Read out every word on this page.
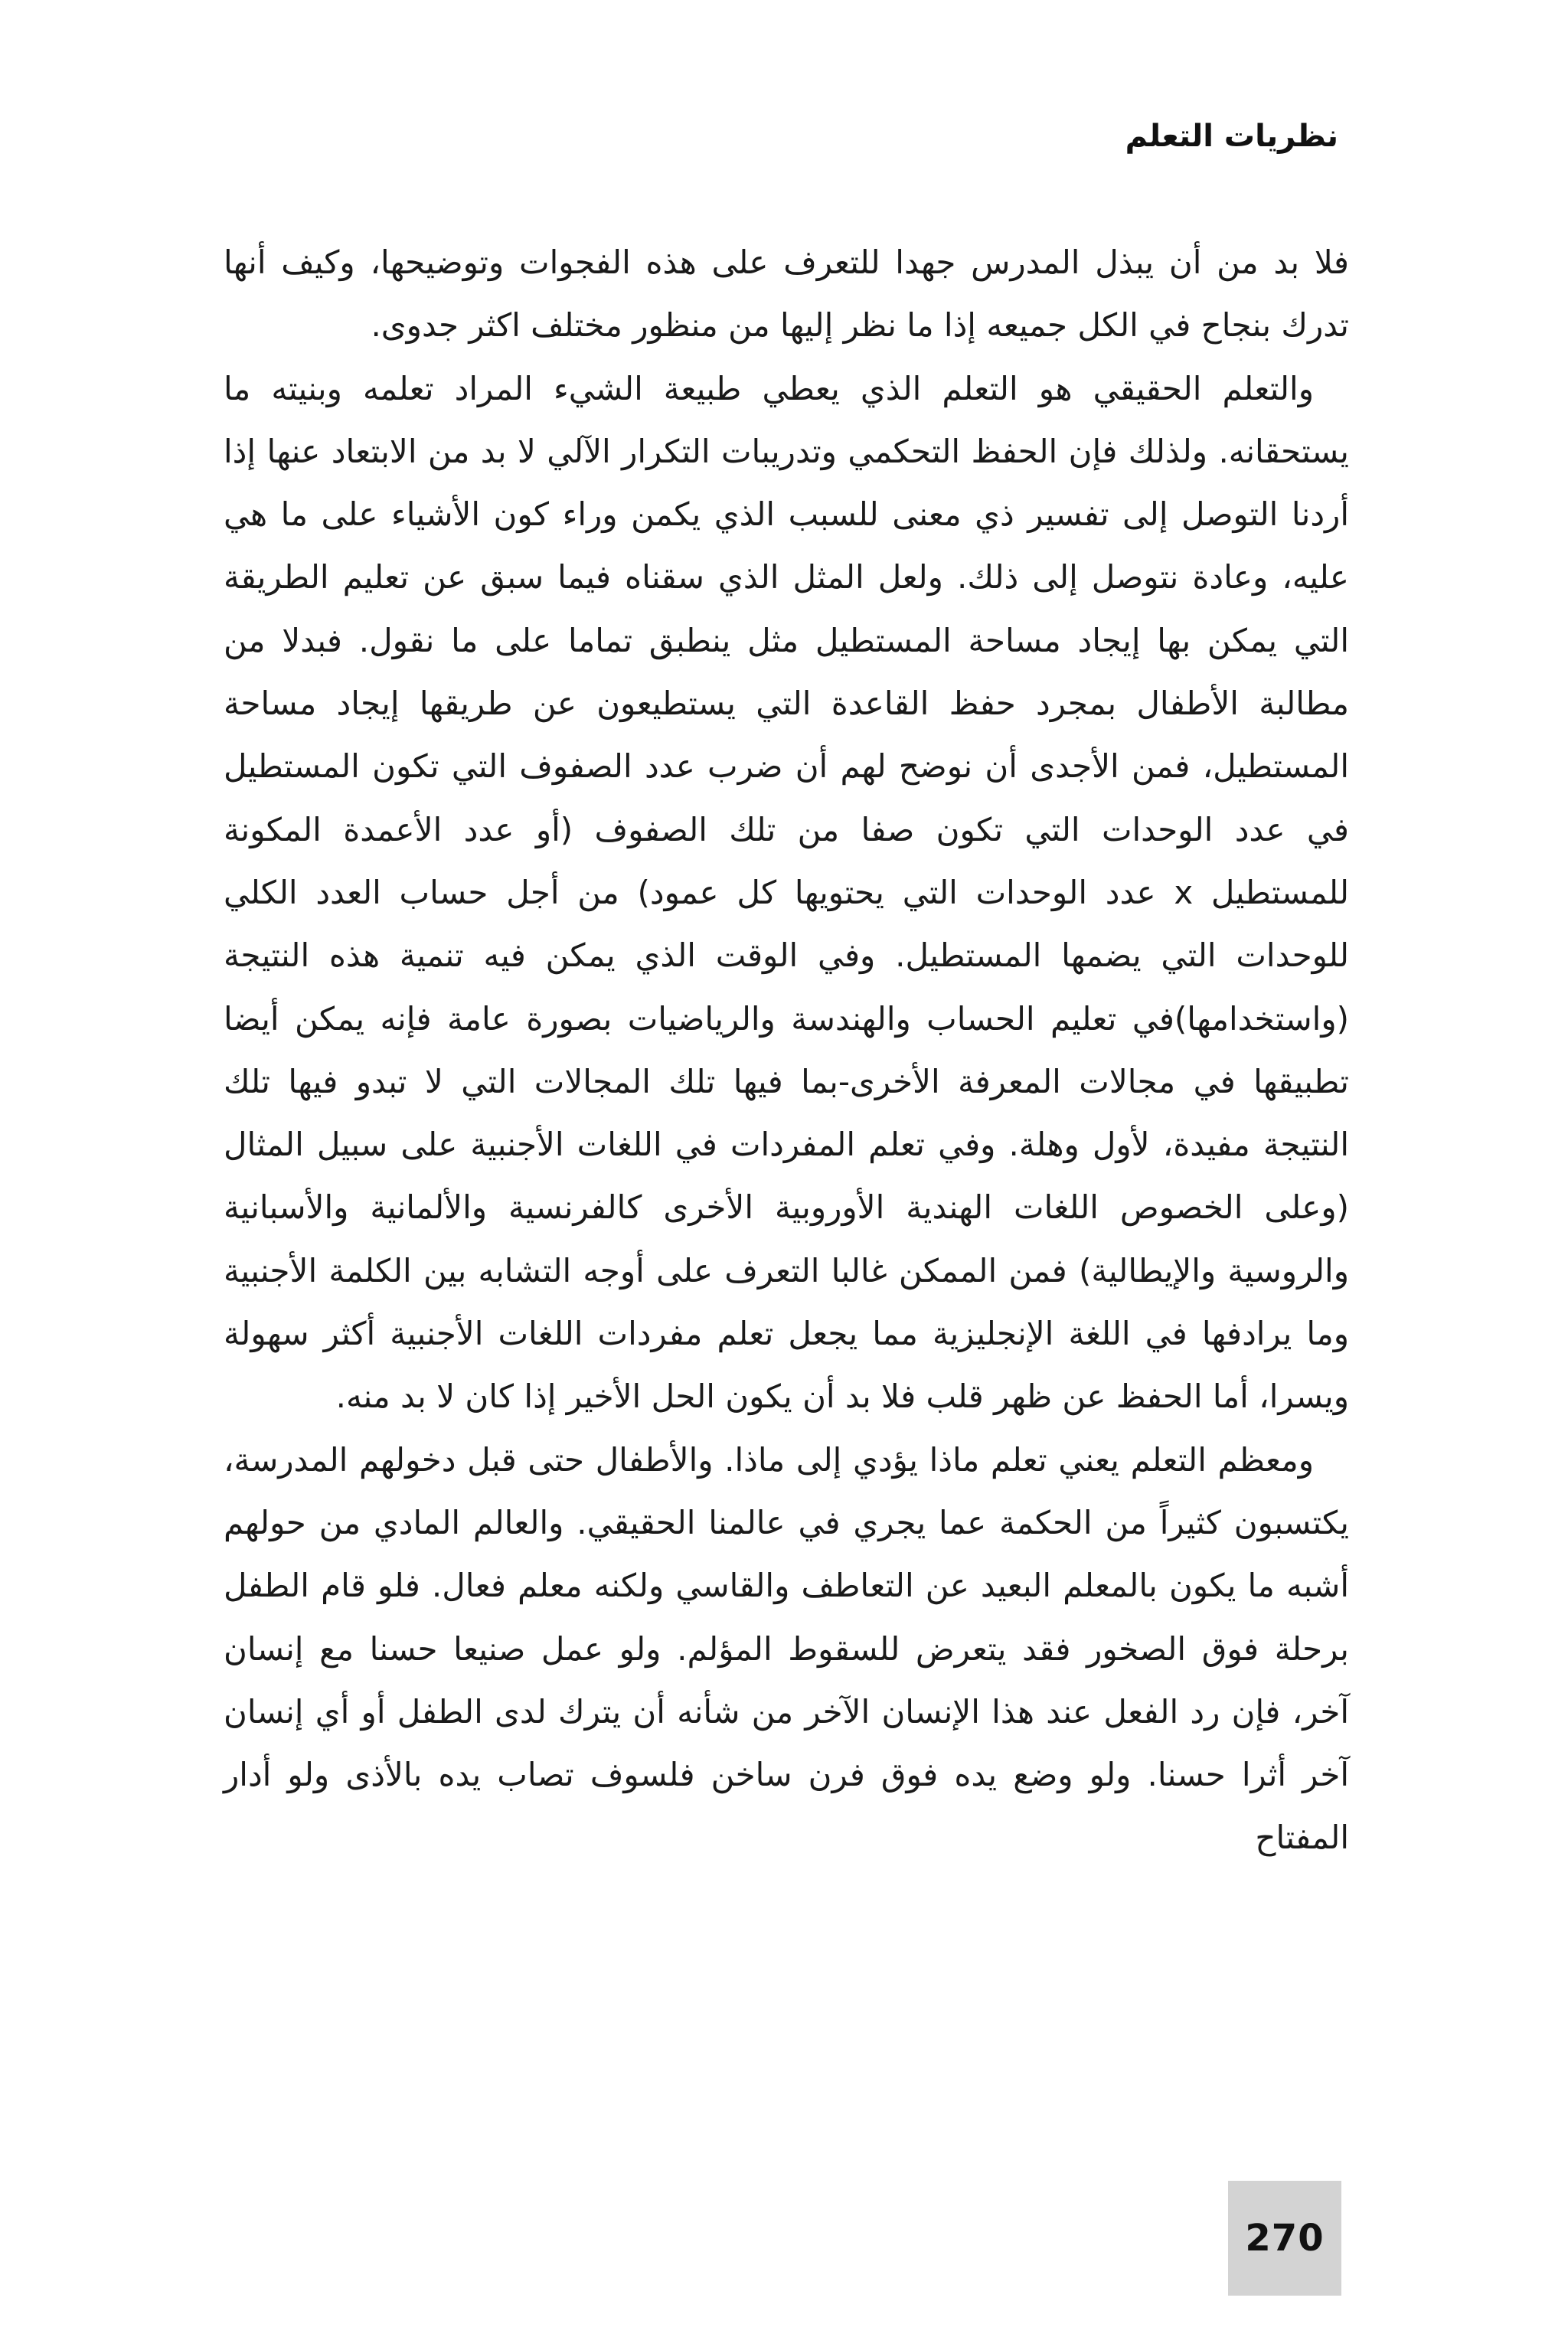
نظريات التعلم

فلا بد من أن يبذل المدرس جهدا للتعرف على هذه الفجوات وتوضيحها، وكيف أنها تدرك بنجاح في الكل جميعه إذا ما نظر إليها من منظور مختلف اكثر جدوى.

والتعلم الحقيقي هو التعلم الذي يعطي طبيعة الشيء المراد تعلمه وبنيته ما يستحقانه. ولذلك فإن الحفظ التحكمي وتدريبات التكرار الآلي لا بد من الابتعاد عنها إذا أردنا التوصل إلى تفسير ذي معنى للسبب الذي يكمن وراء كون الأشياء على ما هي عليه، وعادة نتوصل إلى ذلك. ولعل المثل الذي سقناه فيما سبق عن تعليم الطريقة التي يمكن بها إيجاد مساحة المستطيل مثل ينطبق تماما على ما نقول. فبدلا من مطالبة الأطفال بمجرد حفظ القاعدة التي يستطيعون عن طريقها إيجاد مساحة المستطيل، فمن الأجدى أن نوضح لهم أن ضرب عدد الصفوف التي تكون المستطيل في عدد الوحدات التي تكون صفا من تلك الصفوف (أو عدد الأعمدة المكونة للمستطيل x عدد الوحدات التي يحتويها كل عمود) من أجل حساب العدد الكلي للوحدات التي يضمها المستطيل. وفي الوقت الذي يمكن فيه تنمية هذه النتيجة (واستخدامها)في تعليم الحساب والهندسة والرياضيات بصورة عامة فإنه يمكن أيضا تطبيقها في مجالات المعرفة الأخرى-بما فيها تلك المجالات التي لا تبدو فيها تلك النتيجة مفيدة، لأول وهلة. وفي تعلم المفردات في اللغات الأجنبية على سبيل المثال (وعلى الخصوص اللغات الهندية الأوروبية الأخرى كالفرنسية والألمانية والأسبانية والروسية والإيطالية) فمن الممكن غالبا التعرف على أوجه التشابه بين الكلمة الأجنبية وما يرادفها في اللغة الإنجليزية مما يجعل تعلم مفردات اللغات الأجنبية أكثر سهولة ويسرا، أما الحفظ عن ظهر قلب فلا بد أن يكون الحل الأخير إذا كان لا بد منه.

ومعظم التعلم يعني تعلم ماذا يؤدي إلى ماذا. والأطفال حتى قبل دخولهم المدرسة، يكتسبون كثيراً من الحكمة عما يجري في عالمنا الحقيقي. والعالم المادي من حولهم أشبه ما يكون بالمعلم البعيد عن التعاطف والقاسي ولكنه معلم فعال. فلو قام الطفل برحلة فوق الصخور فقد يتعرض للسقوط المؤلم. ولو عمل صنيعا حسنا مع إنسان آخر، فإن رد الفعل عند هذا الإنسان الآخر من شأنه أن يترك لدى الطفل أو أي إنسان آخر أثرا حسنا. ولو وضع يده فوق فرن ساخن فلسوف تصاب يده بالأذى ولو أدار المفتاح

270
